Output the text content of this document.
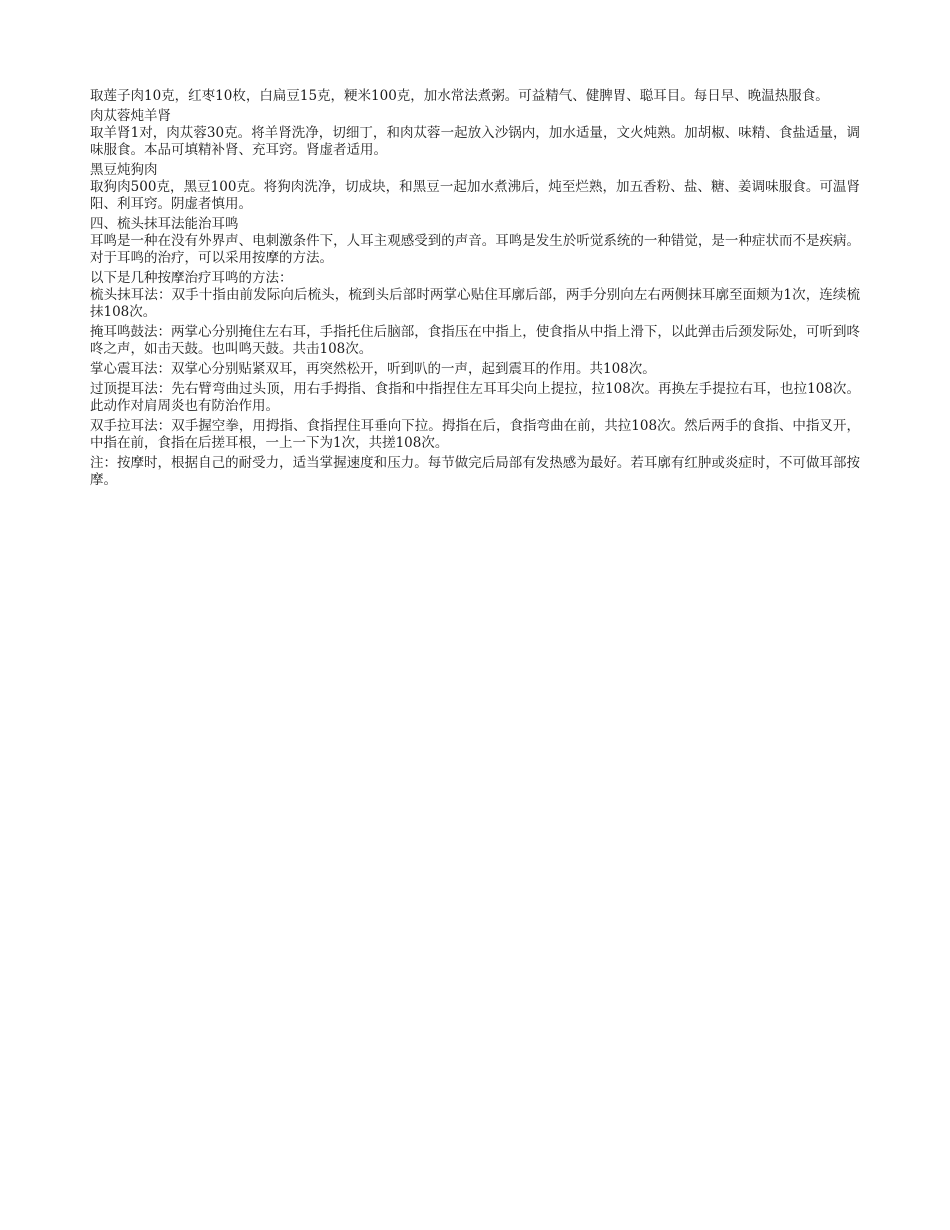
取莲子肉10克，红枣10枚，白扁豆15克，粳米100克，加水常法煮粥。可益精气、健脾胃、聪耳目。每日早、晚温热服食。

肉苁蓉炖羊肾

取羊肾1对，肉苁蓉30克。将羊肾洗净，切细丁，和肉苁蓉一起放入沙锅内，加水适量，文火炖熟。加胡椒、味精、食盐适量，调味服食。本品可填精补肾、充耳窍。肾虚者适用。

黑豆炖狗肉

取狗肉500克，黑豆100克。将狗肉洗净，切成块，和黑豆一起加水煮沸后，炖至烂熟，加五香粉、盐、糖、姜调味服食。可温肾阳、利耳窍。阴虚者慎用。

四、梳头抹耳法能治耳鸣

耳鸣是一种在没有外界声、电刺激条件下，人耳主观感受到的声音。耳鸣是发生於听觉系统的一种错觉，是一种症状而不是疾病。对于耳鸣的治疗，可以采用按摩的方法。

以下是几种按摩治疗耳鸣的方法：

梳头抹耳法：双手十指由前发际向后梳头，梳到头后部时两掌心贴住耳廓后部，两手分别向左右两侧抹耳廓至面颊为1次，连续梳抹108次。

掩耳鸣鼓法：两掌心分别掩住左右耳，手指托住后脑部，食指压在中指上，使食指从中指上滑下，以此弹击后颈发际处，可听到咚咚之声，如击天鼓。也叫鸣天鼓。共击108次。

掌心震耳法：双掌心分别贴紧双耳，再突然松开，听到叭的一声，起到震耳的作用。共108次。

过顶提耳法：先右臂弯曲过头顶，用右手拇指、食指和中指捏住左耳耳尖向上提拉，拉108次。再换左手提拉右耳，也拉108次。此动作对肩周炎也有防治作用。

双手拉耳法：双手握空拳，用拇指、食指捏住耳垂向下拉。拇指在后，食指弯曲在前，共拉108次。然后两手的食指、中指叉开，中指在前，食指在后搓耳根，一上一下为1次，共搓108次。

注：按摩时，根据自己的耐受力，适当掌握速度和压力。每节做完后局部有发热感为最好。若耳廓有红肿或炎症时，不可做耳部按摩。
